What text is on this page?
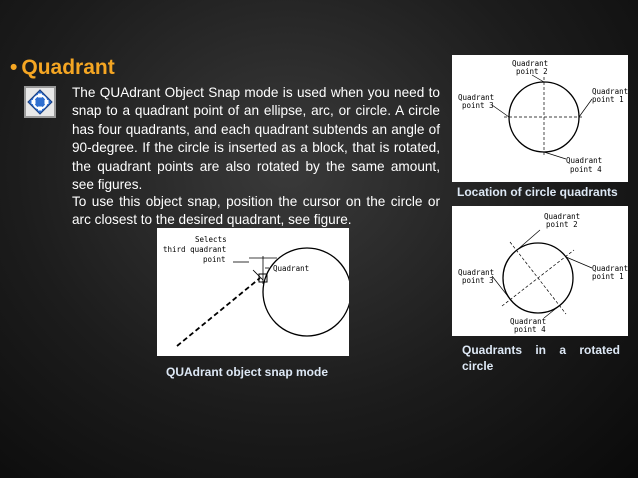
• Quadrant

The QUAdrant Object Snap mode is used when you need to snap to a quadrant point of an ellipse, arc, or circle. A circle has four quadrants, and each quadrant subtends an angle of 90-degree. If the circle is inserted as a block, that is rotated, the quadrant points are also rotated by the same amount, see figures.

To use this object snap, position the cursor on the circle or arc closest to the desired quadrant, see figure.

Selects
third quadrant
point
Quadrant
QUAdrant object snap mode
Quadrant
point 2
Quadrant
point 3
Quadrant
point 1
Quadrant
point 4
Location of circle quadrants
Quadrant
point 2
Quadrant
point 3
Quadrant
point 1
Quadrant
point 4
Quadrants in a rotated circle
